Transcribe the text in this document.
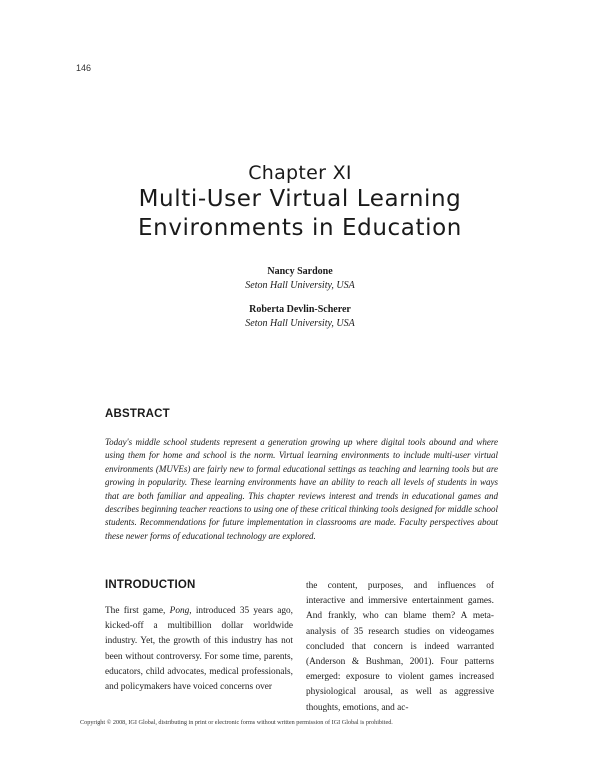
146
Chapter XI
Multi-User Virtual Learning
Environments in Education
Nancy Sardone
Seton Hall University, USA
Roberta Devlin-Scherer
Seton Hall University, USA
ABSTRACT

Today's middle school students represent a generation growing up where digital tools abound and where using them for home and school is the norm. Virtual learning environments to include multi-user virtual environments (MUVEs) are fairly new to formal educational settings as teaching and learning tools but are growing in popularity. These learning environments have an ability to reach all levels of students in ways that are both familiar and appealing. This chapter reviews interest and trends in educational games and describes beginning teacher reactions to using one of these critical thinking tools designed for middle school students. Recommendations for future implementation in classrooms are made. Faculty perspectives about these newer forms of educational technology are explored.

INTRODUCTION

The first game, Pong, introduced 35 years ago, kicked-off a multibillion dollar worldwide industry. Yet, the growth of this industry has not been without controversy. For some time, parents, educators, child advocates, medical professionals, and policymakers have voiced concerns over

the content, purposes, and influences of interactive and immersive entertainment games. And frankly, who can blame them? A meta-analysis of 35 research studies on videogames concluded that concern is indeed warranted (Anderson & Bushman, 2001). Four patterns emerged: exposure to violent games increased physiological arousal, as well as aggressive thoughts, emotions, and ac-

Copyright © 2008, IGI Global, distributing in print or electronic forms without written permission of IGI Global is prohibited.
